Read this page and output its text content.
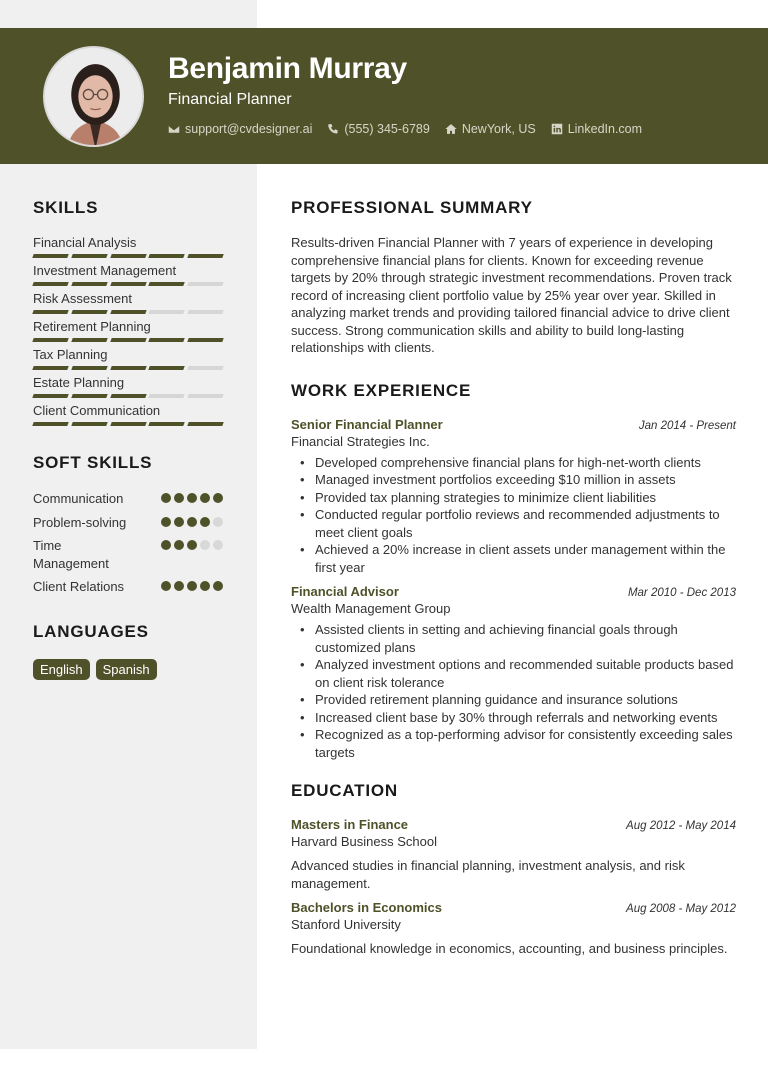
Benjamin Murray
Financial Planner
support@cvdesigner.ai	(555) 345-6789	NewYork, US	LinkedIn.com
SKILLS
Financial Analysis
Investment Management
Risk Assessment
Retirement Planning
Tax Planning
Estate Planning
Client Communication
SOFT SKILLS
Communication
Problem-solving
Time Management
Client Relations
LANGUAGES
English	Spanish
PROFESSIONAL SUMMARY

Results-driven Financial Planner with 7 years of experience in developing comprehensive financial plans for clients. Known for exceeding revenue targets by 20% through strategic investment recommendations. Proven track record of increasing client portfolio value by 25% year over year. Skilled in analyzing market trends and providing tailored financial advice to drive client success. Strong communication skills and ability to build long-lasting relationships with clients.

WORK EXPERIENCE
Senior Financial Planner	Jan 2014 - Present
Financial Strategies Inc.
• Developed comprehensive financial plans for high-net-worth clients
• Managed investment portfolios exceeding $10 million in assets
• Provided tax planning strategies to minimize client liabilities
• Conducted regular portfolio reviews and recommended adjustments to meet client goals
• Achieved a 20% increase in client assets under management within the first year
Financial Advisor	Mar 2010 - Dec 2013
Wealth Management Group
• Assisted clients in setting and achieving financial goals through customized plans
• Analyzed investment options and recommended suitable products based on client risk tolerance
• Provided retirement planning guidance and insurance solutions
• Increased client base by 30% through referrals and networking events
• Recognized as a top-performing advisor for consistently exceeding sales targets
EDUCATION
Masters in Finance	Aug 2012 - May 2014
Harvard Business School
Advanced studies in financial planning, investment analysis, and risk management.
Bachelors in Economics	Aug 2008 - May 2012
Stanford University
Foundational knowledge in economics, accounting, and business principles.
